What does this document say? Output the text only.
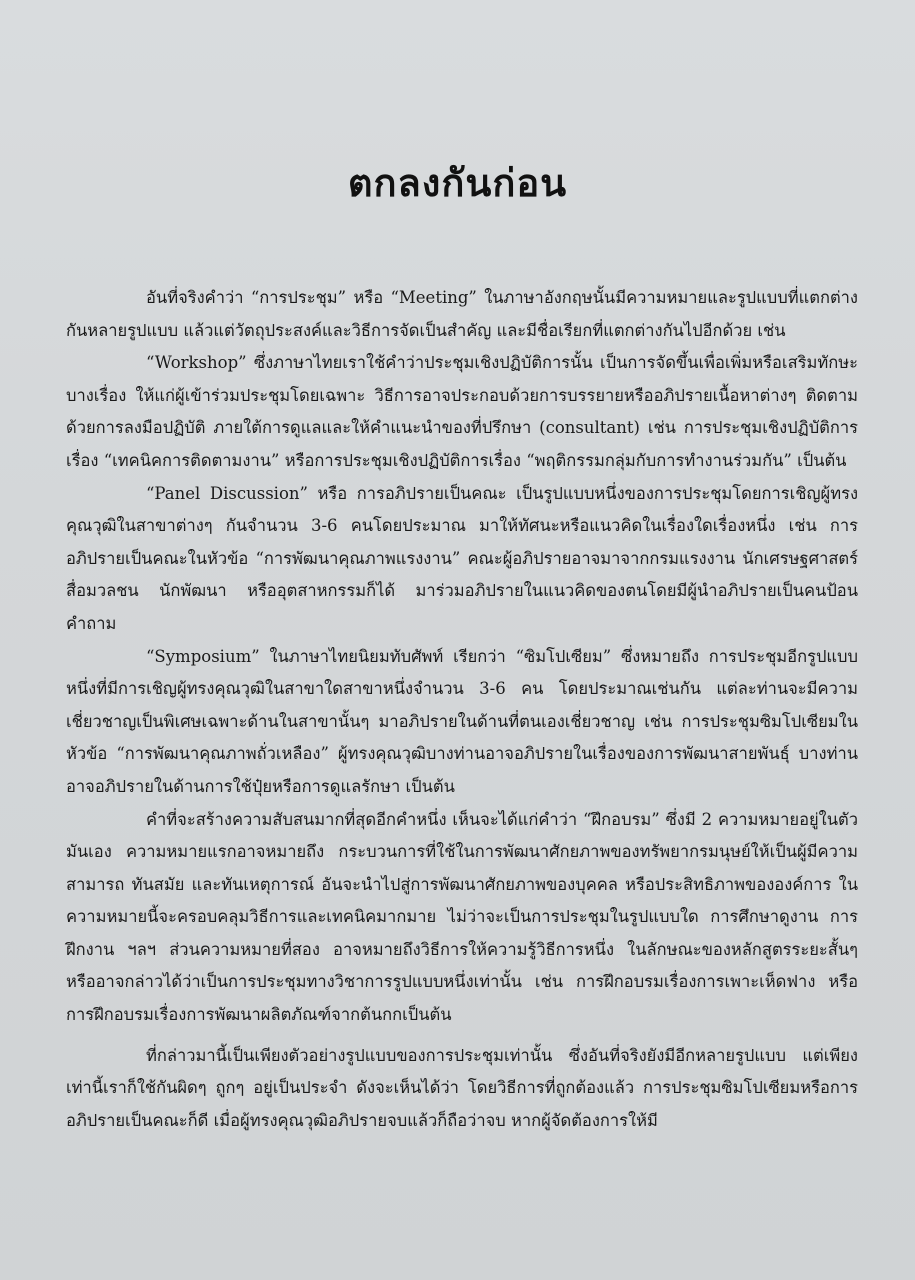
ตกลงกันก่อน

อันที่จริงคำว่า “การประชุม” หรือ “Meeting” ในภาษาอังกฤษนั้นมีความหมายและรูปแบบที่แตกต่างกันหลายรูปแบบ แล้วแต่วัตถุประสงค์และวิธีการจัดเป็นสำคัญ และมีชื่อเรียกที่แตกต่างกันไปอีกด้วย เช่น

“Workshop” ซึ่งภาษาไทยเราใช้คำว่าประชุมเชิงปฏิบัติการนั้น เป็นการจัดขึ้นเพื่อเพิ่มหรือเสริมทักษะบางเรื่อง ให้แก่ผู้เข้าร่วมประชุมโดยเฉพาะ วิธีการอาจประกอบด้วยการบรรยายหรืออภิปรายเนื้อหาต่างๆ ติดตามด้วยการลงมือปฏิบัติ ภายใต้การดูแลและให้คำแนะนำของที่ปรึกษา (consultant) เช่น การประชุมเชิงปฏิบัติการเรื่อง “เทคนิคการติดตามงาน” หรือการประชุมเชิงปฏิบัติการเรื่อง “พฤติกรรมกลุ่มกับการทำงานร่วมกัน” เป็นต้น

“Panel Discussion” หรือ การอภิปรายเป็นคณะ เป็นรูปแบบหนึ่งของการประชุมโดยการเชิญผู้ทรงคุณวุฒิในสาขาต่างๆ กันจำนวน 3-6 คนโดยประมาณ มาให้ทัศนะหรือแนวคิดในเรื่องใดเรื่องหนึ่ง เช่น การอภิปรายเป็นคณะในหัวข้อ “การพัฒนาคุณภาพแรงงาน” คณะผู้อภิปรายอาจมาจากกรมแรงงาน นักเศรษฐศาสตร์ สื่อมวลชน นักพัฒนา หรืออุตสาหกรรมก็ได้ มาร่วมอภิปรายในแนวคิดของตนโดยมีผู้นำอภิปรายเป็นคนป้อนคำถาม

“Symposium” ในภาษาไทยนิยมทับศัพท์ เรียกว่า “ซิมโปเซียม” ซึ่งหมายถึง การประชุมอีกรูปแบบหนึ่งที่มีการเชิญผู้ทรงคุณวุฒิในสาขาใดสาขาหนึ่งจำนวน 3-6 คน โดยประมาณเช่นกัน แต่ละท่านจะมีความเชี่ยวชาญเป็นพิเศษเฉพาะด้านในสาขานั้นๆ มาอภิปรายในด้านที่ตนเองเชี่ยวชาญ เช่น การประชุมซิมโปเซียมในหัวข้อ “การพัฒนาคุณภาพถั่วเหลือง” ผู้ทรงคุณวุฒิบางท่านอาจอภิปรายในเรื่องของการพัฒนาสายพันธุ์ บางท่านอาจอภิปรายในด้านการใช้ปุ๋ยหรือการดูแลรักษา เป็นต้น

คำที่จะสร้างความสับสนมากที่สุดอีกคำหนึ่ง เห็นจะได้แก่คำว่า “ฝึกอบรม” ซึ่งมี 2 ความหมายอยู่ในตัวมันเอง ความหมายแรกอาจหมายถึง กระบวนการที่ใช้ในการพัฒนาศักยภาพของทรัพยากรมนุษย์ให้เป็นผู้มีความสามารถ ทันสมัย และทันเหตุการณ์ อันจะนำไปสู่การพัฒนาศักยภาพของบุคคล หรือประสิทธิภาพขององค์การ ในความหมายนี้จะครอบคลุมวิธีการและเทคนิคมากมาย ไม่ว่าจะเป็นการประชุมในรูปแบบใด การศึกษาดูงาน การฝึกงาน ฯลฯ ส่วนความหมายที่สอง อาจหมายถึงวิธีการให้ความรู้วิธีการหนึ่ง ในลักษณะของหลักสูตรระยะสั้นๆ หรืออาจกล่าวได้ว่าเป็นการประชุมทางวิชาการรูปแบบหนึ่งเท่านั้น เช่น การฝึกอบรมเรื่องการเพาะเห็ดฟาง หรือการฝึกอบรมเรื่องการพัฒนาผลิตภัณฑ์จากต้นกกเป็นต้น

ที่กล่าวมานี้เป็นเพียงตัวอย่างรูปแบบของการประชุมเท่านั้น ซึ่งอันที่จริงยังมีอีกหลายรูปแบบ แต่เพียงเท่านี้เราก็ใช้กันผิดๆ ถูกๆ อยู่เป็นประจำ ดังจะเห็นได้ว่า โดยวิธีการที่ถูกต้องแล้ว การประชุมซิมโปเซียมหรือการอภิปรายเป็นคณะก็ดี เมื่อผู้ทรงคุณวุฒิอภิปรายจบแล้วก็ถือว่าจบ หากผู้จัดต้องการให้มี
